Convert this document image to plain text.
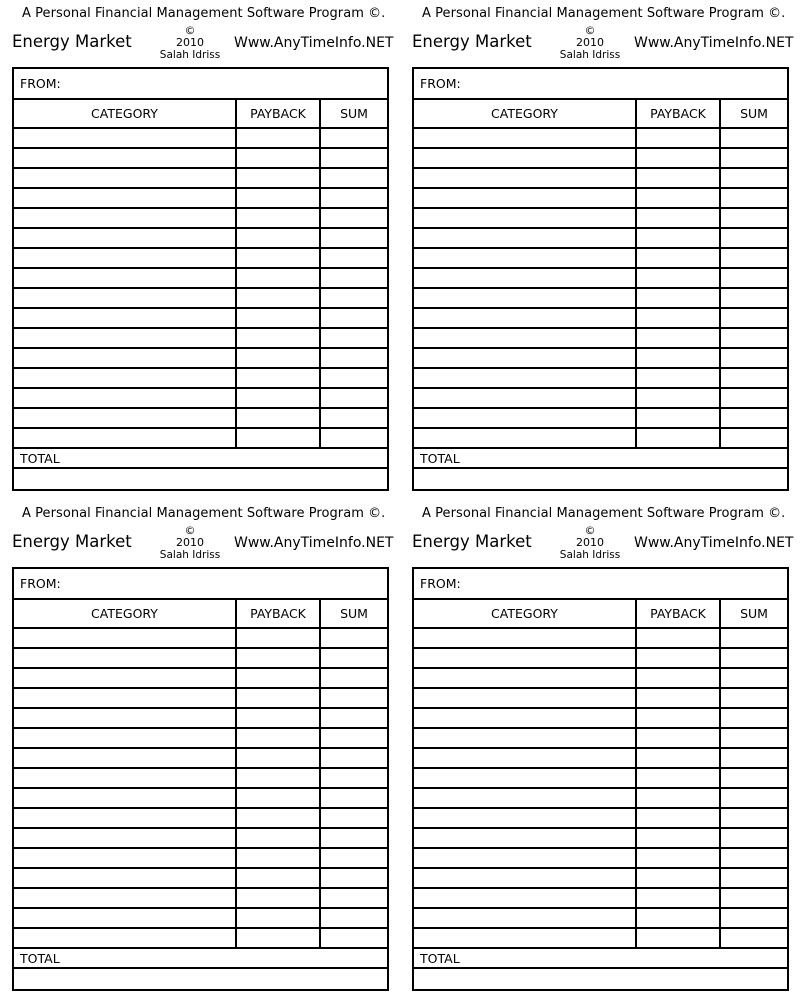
A Personal Financial Management Software Program ©.
Energy Market
©
2010
Salah Idriss
Www.AnyTimeInfo.NET
FROM:
CATEGORY	PAYBACK	SUM
TOTAL
A Personal Financial Management Software Program ©.
Energy Market
©
2010
Salah Idriss
Www.AnyTimeInfo.NET
FROM:
CATEGORY	PAYBACK	SUM
TOTAL
A Personal Financial Management Software Program ©.
Energy Market
©
2010
Salah Idriss
Www.AnyTimeInfo.NET
FROM:
CATEGORY	PAYBACK	SUM
TOTAL
A Personal Financial Management Software Program ©.
Energy Market
©
2010
Salah Idriss
Www.AnyTimeInfo.NET
FROM:
CATEGORY	PAYBACK	SUM
TOTAL
